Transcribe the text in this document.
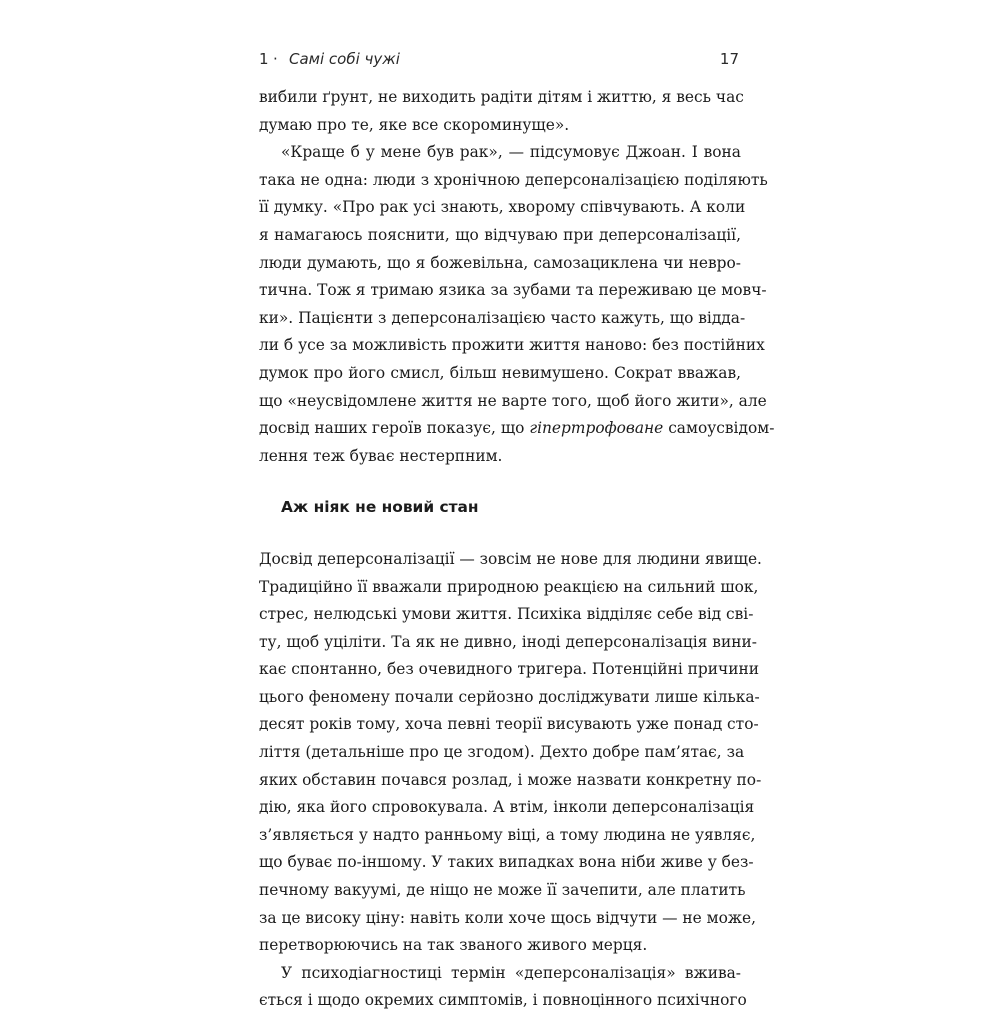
1 · Самі собі чужі	17
вибили ґрунт, не виходить радіти дітям і життю, я весь час
думаю про те, яке все скороминуще».
«Краще б у мене був рак», — підсумовує Джоан. І вона
така не одна: люди з хронічною деперсоналізацією поділяють
її думку. «Про рак усі знають, хворому співчувають. А коли
я намагаюсь пояснити, що відчуваю при деперсоналізації,
люди думають, що я божевільна, самозациклена чи невро-
тична. Тож я тримаю язика за зубами та переживаю це мовч-
ки». Пацієнти з деперсоналізацією часто кажуть, що відда-
ли б усе за можливість прожити життя наново: без постійних
думок про його смисл, більш невимушено. Сократ вважав,
що «неусвідомлене життя не варте того, щоб його жити», але
досвід наших героїв показує, що гіпертрофоване самоусвідом-
лення теж буває нестерпним.
Аж ніяк не новий стан
Досвід деперсоналізації — зовсім не нове для людини явище.
Традиційно її вважали природною реакцією на сильний шок,
стрес, нелюдські умови життя. Психіка відділяє себе від сві-
ту, щоб уціліти. Та як не дивно, іноді деперсоналізація вини-
кає спонтанно, без очевидного тригера. Потенційні причини
цього феномену почали серйозно досліджувати лише кілька-
десят років тому, хоча певні теорії висувають уже понад сто-
ліття (детальніше про це згодом). Дехто добре пам’ятає, за
яких обставин почався розлад, і може назвати конкретну по-
дію, яка його спровокувала. А втім, інколи деперсоналізація
з’являється у надто ранньому віці, а тому людина не уявляє,
що буває по-іншому. У таких випадках вона ніби живе у без-
печному вакуумі, де ніщо не може її зачепити, але платить
за це високу ціну: навіть коли хоче щось відчути — не може,
перетворюючись на так званого живого мерця.
У психодіагностиці термін «деперсоналізація» вжива-
ється і щодо окремих симптомів, і повноцінного психічного
